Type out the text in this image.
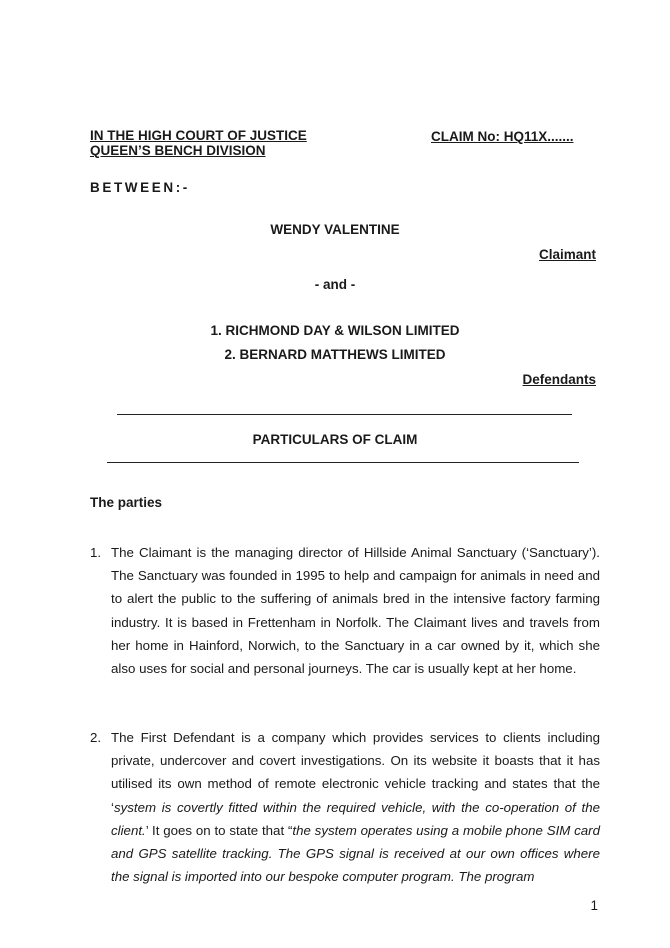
IN THE HIGH COURT OF JUSTICE
QUEEN’S BENCH DIVISION
CLAIM No: HQ11X.......
BETWEEN:-
WENDY VALENTINE
Claimant
- and -
1. RICHMOND DAY & WILSON LIMITED
2. BERNARD MATTHEWS LIMITED
Defendants
PARTICULARS OF CLAIM
The parties
1. The Claimant is the managing director of Hillside Animal Sanctuary (‘Sanctuary’). The Sanctuary was founded in 1995 to help and campaign for animals in need and to alert the public to the suffering of animals bred in the intensive factory farming industry. It is based in Frettenham in Norfolk. The Claimant lives and travels from her home in Hainford, Norwich, to the Sanctuary in a car owned by it, which she also uses for social and personal journeys. The car is usually kept at her home.
2. The First Defendant is a company which provides services to clients including private, undercover and covert investigations. On its website it boasts that it has utilised its own method of remote electronic vehicle tracking and states that the ‘system is covertly fitted within the required vehicle, with the co-operation of the client.’ It goes on to state that “the system operates using a mobile phone SIM card and GPS satellite tracking. The GPS signal is received at our own offices where the signal is imported into our bespoke computer program. The program
1
